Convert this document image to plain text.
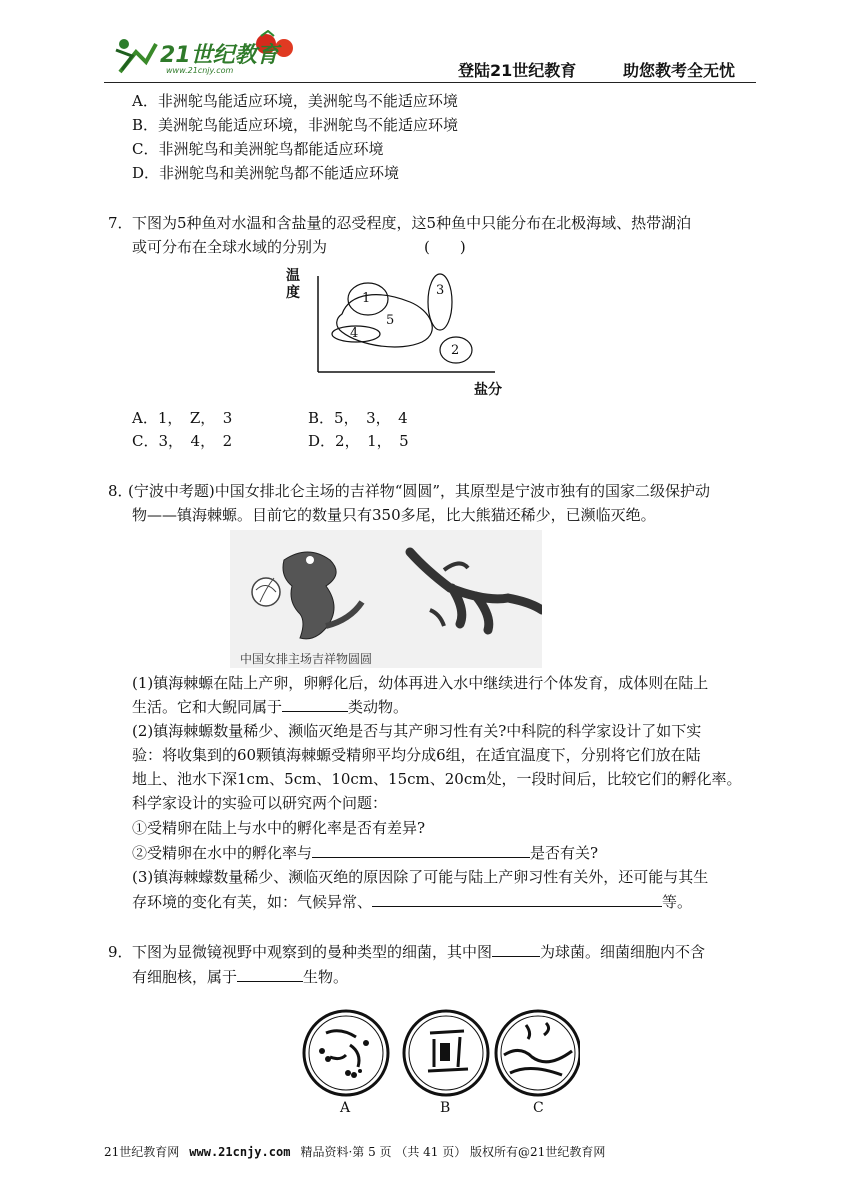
21世纪教育
www.21cnjy.com	登陆21世纪教育	助您教考全无忧
A．非洲鸵鸟能适应环境，美洲鸵鸟不能适应环境
B．美洲鸵鸟能适应环境，非洲鸵鸟不能适应环境
C．非洲鸵鸟和美洲鸵鸟都能适应环境
D．非洲鸵鸟和美洲鸵鸟都不能适应环境
7． 下图为5种鱼对水温和含盐量的忍受程度，这5种鱼中只能分布在北极海域、热带湖泊
或可分布在全球水域的分别为	(　　)
温度
盐分
1
2
3
4
5
A．1，　Z，　3	B．5，　3，　4
C．3，　4，　2	D．2，　1，　5
8．
(宁波中考题)中国女排北仑主场的吉祥物“圆圆”，其原型是宁波市独有的国家二级保护动
物——镇海棘螈。目前它的数量只有350多尾，比大熊猫还稀少，已濒临灭绝。
中国女排主场吉祥物圆圆
(1)镇海棘螈在陆上产卵，卵孵化后，幼体再进入水中继续进行个体发育，成体则在陆上
生活。它和大鲵同属于	类动物。
(2)镇海棘螈数量稀少、濒临灭绝是否与其产卵习性有关?中科院的科学家设计了如下实
验：将收集到的60颗镇海棘螈受精卵平均分成6组，在适宜温度下，分别将它们放在陆
地上、池水下深1cm、5cm、10cm、15cm、20cm处，一段时间后，比较它们的孵化率。
科学家设计的实验可以研究两个问题：
①受精卵在陆上与水中的孵化率是否有差异?
②受精卵在水中的孵化率与	是否有关?
(3)镇海棘蠓数量稀少、濒临灭绝的原因除了可能与陆上产卵习性有关外，还可能与其生
存环境的变化有芙，如：气候异常、	等。
9． 下图为显微镜视野中观察到的曼种类型的细菌，其中图	为球菌。细菌细胞内不含
有细胞核，属于	生物。
A	B	C
21世纪教育网 www.21cnjy.com 精品资料·第 5 页 （共 41 页） 版权所有@21世纪教育网
